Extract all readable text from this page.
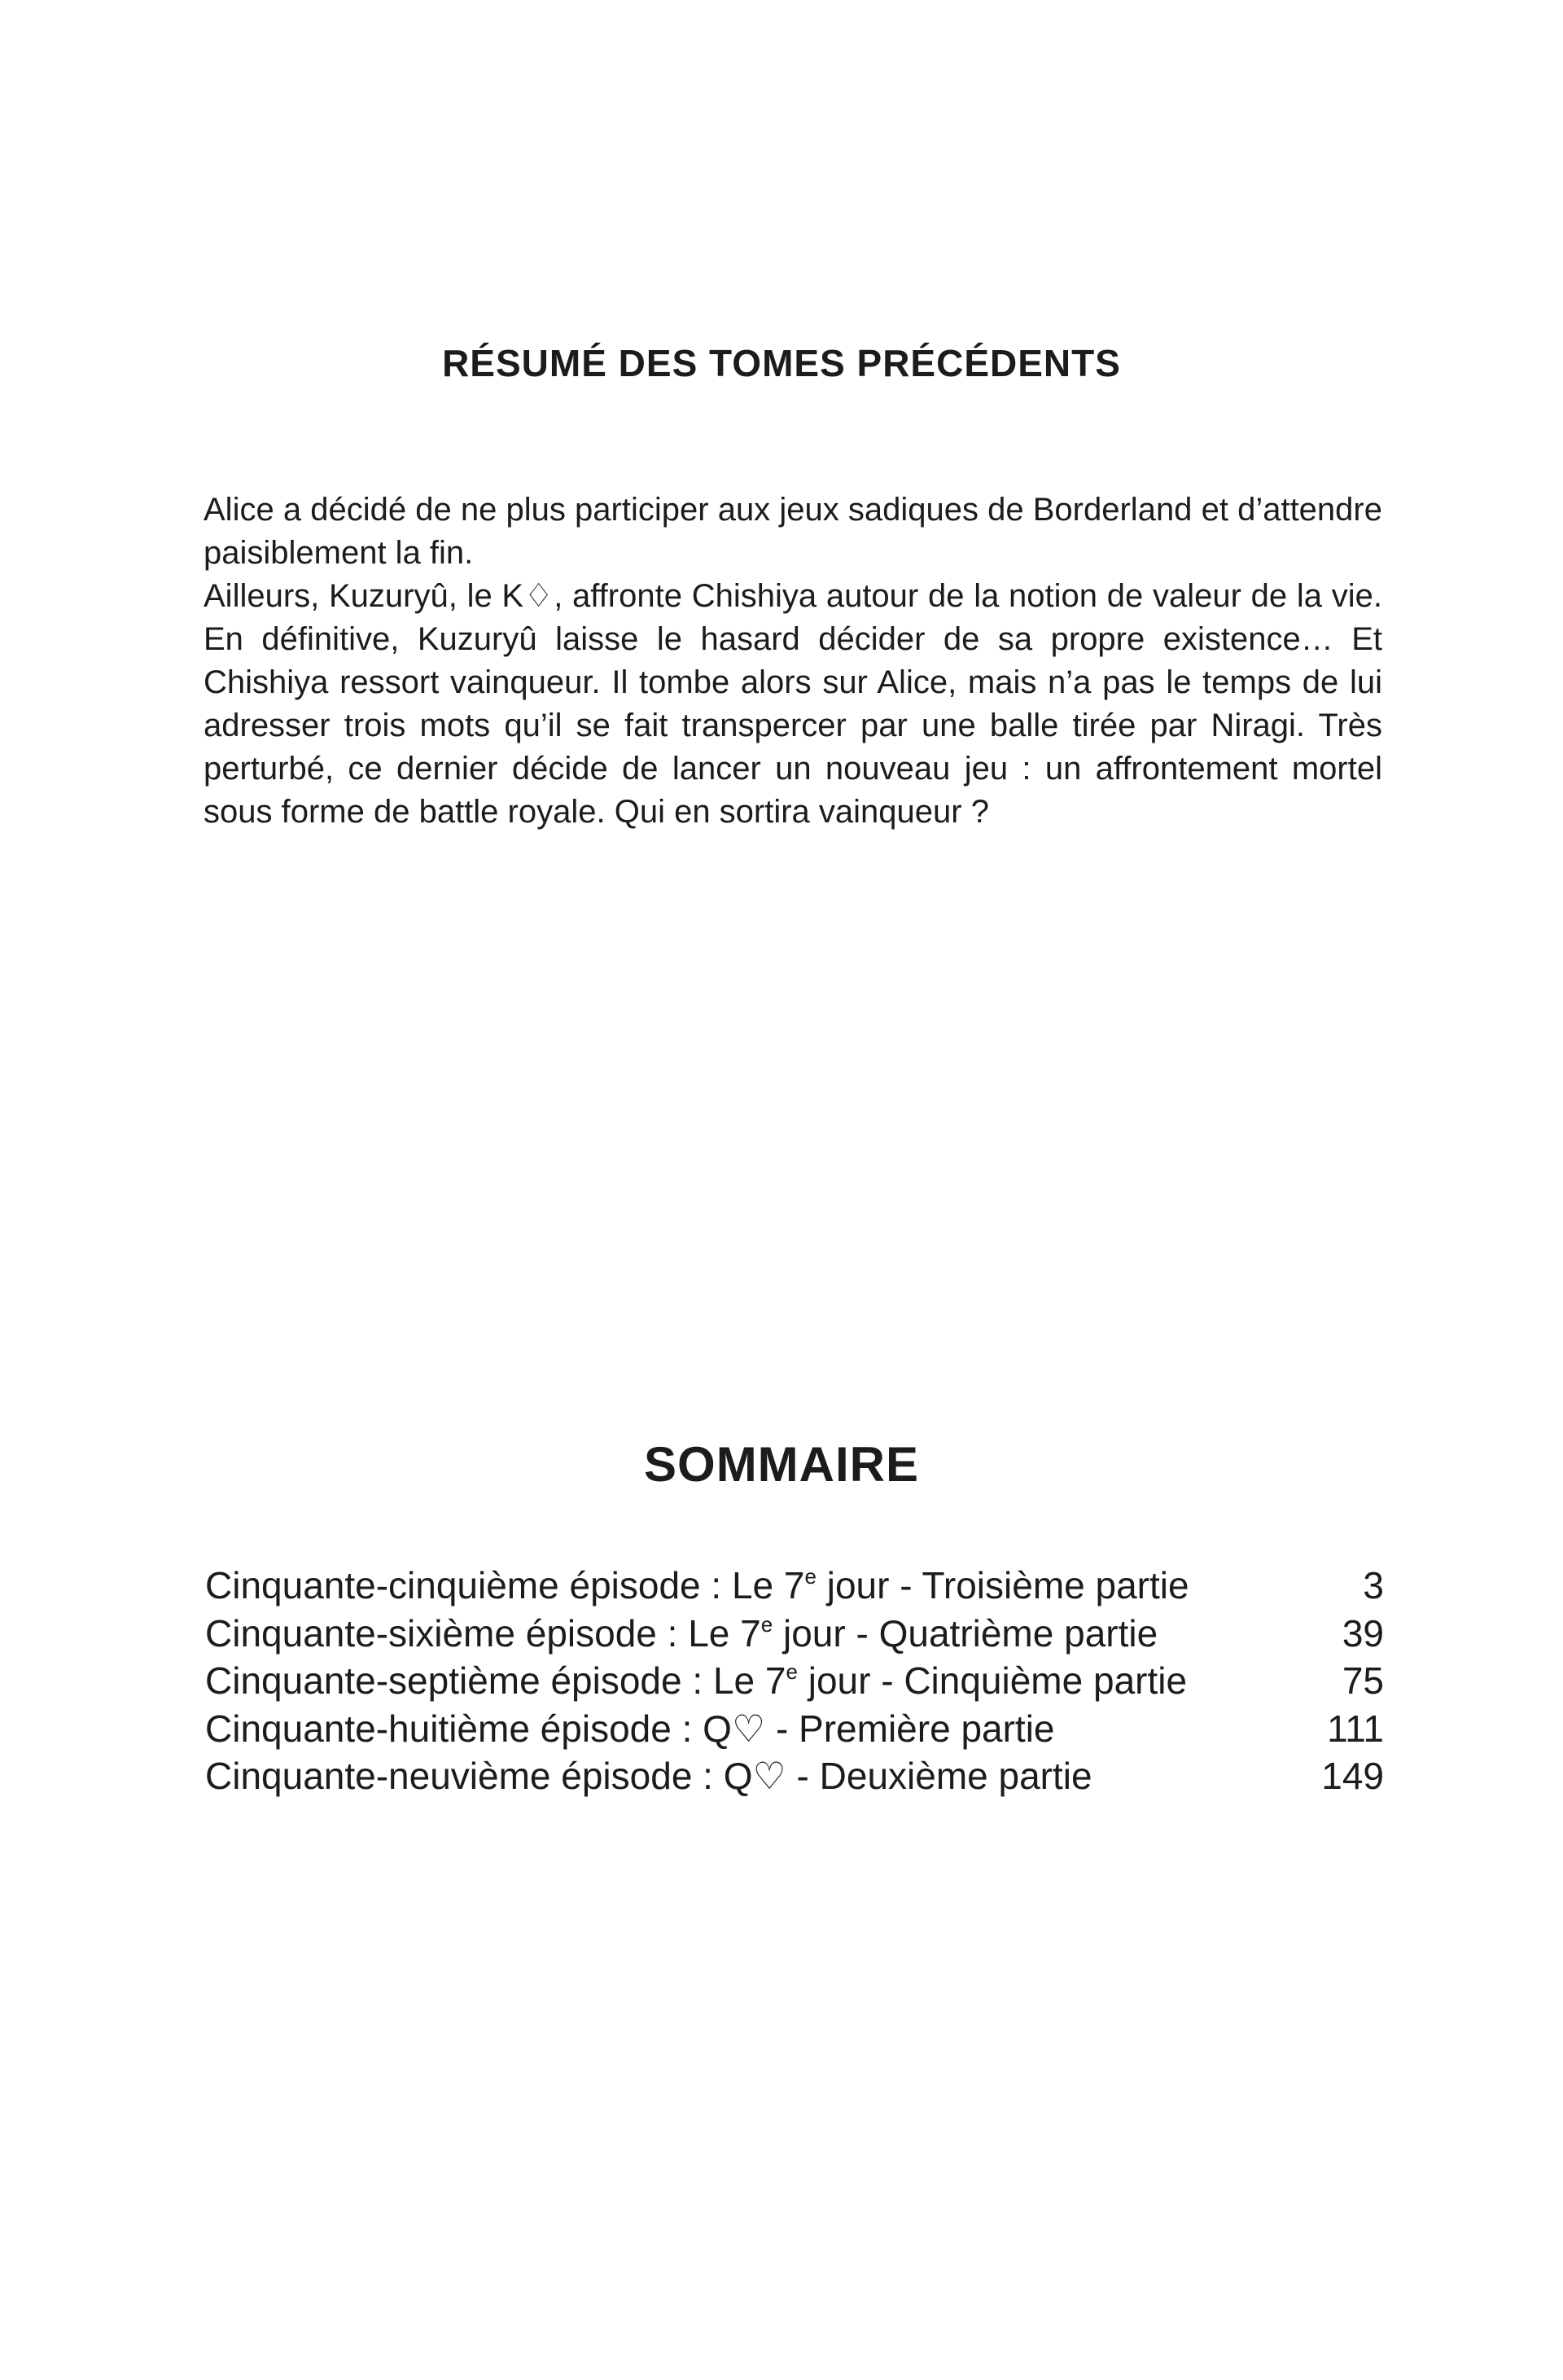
RÉSUMÉ DES TOMES PRÉCÉDENTS

Alice a décidé de ne plus participer aux jeux sadiques de Borderland et d’attendre paisiblement la fin.

Ailleurs, Kuzuryû, le K♢, affronte Chishiya autour de la notion de valeur de la vie. En définitive, Kuzuryû laisse le hasard décider de sa propre existence… Et Chishiya ressort vainqueur. Il tombe alors sur Alice, mais n’a pas le temps de lui adresser trois mots qu’il se fait transpercer par une balle tirée par Niragi. Très perturbé, ce dernier décide de lancer un nouveau jeu : un affrontement mortel sous forme de battle royale. Qui en sortira vainqueur ?

SOMMAIRE
Cinquante-cinquième épisode : Le 7e jour - Troisième partie	3
Cinquante-sixième épisode : Le 7e jour - Quatrième partie	39
Cinquante-septième épisode : Le 7e jour - Cinquième partie	75
Cinquante-huitième épisode : Q♡ - Première partie	111
Cinquante-neuvième épisode : Q♡ - Deuxième partie	149
